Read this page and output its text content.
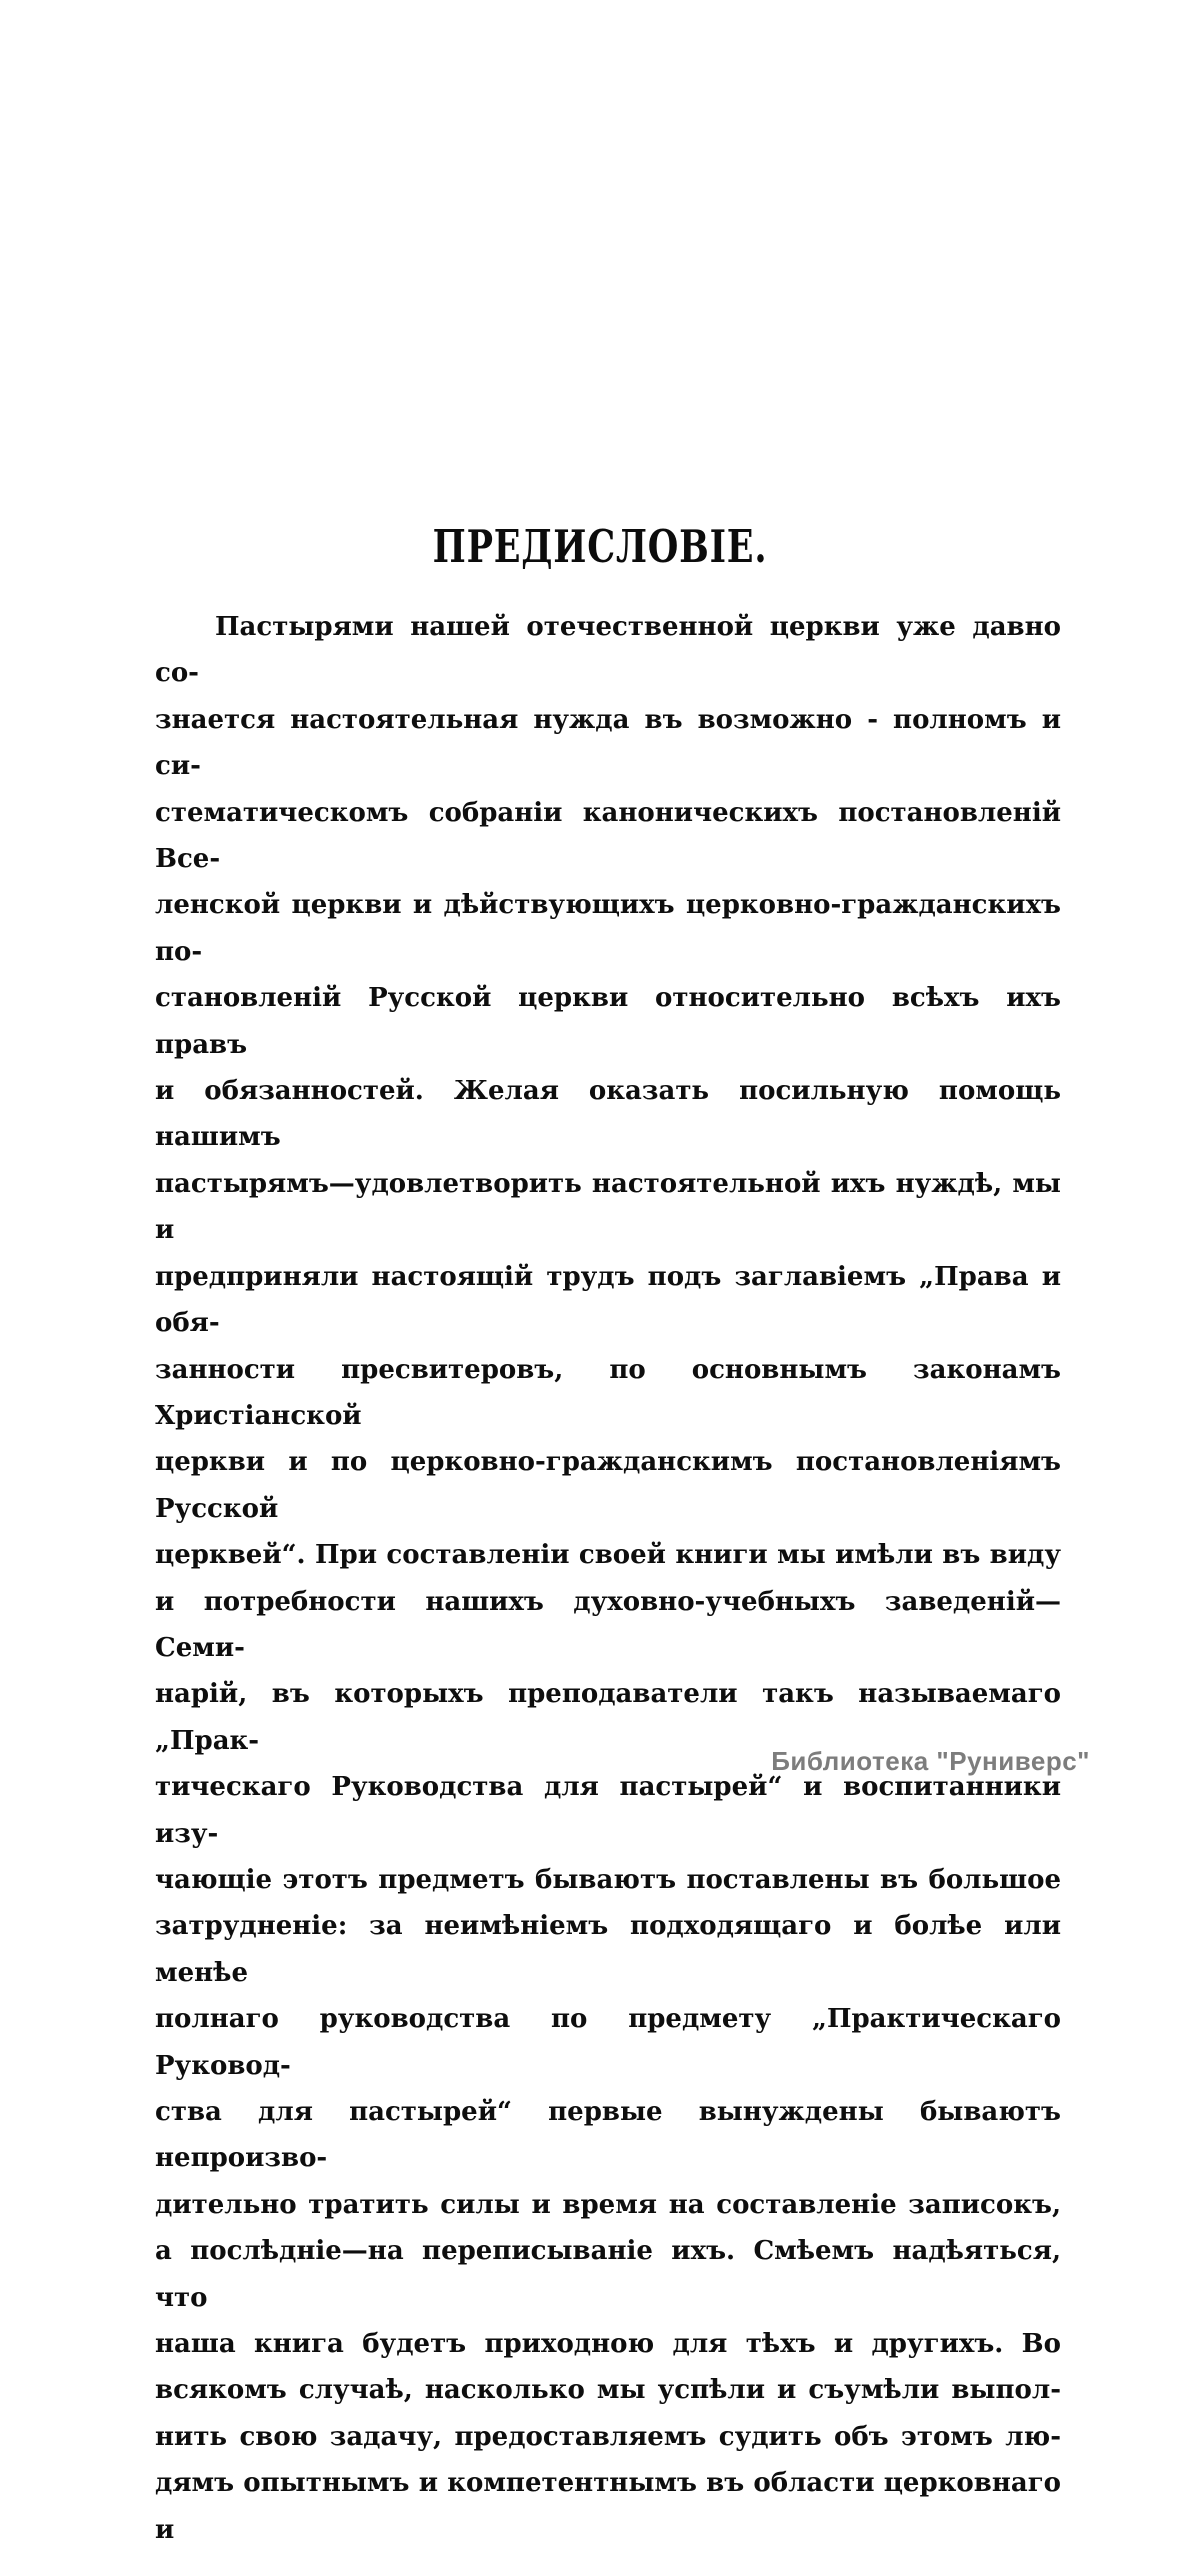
ПРЕДИСЛОВІЕ.
Пастырями нашей отечественной церкви уже давно со-
знается настоятельная нужда въ возможно - полномъ и си-
стематическомъ собраніи каноническихъ постановленій Все-
ленской церкви и дѣйствующихъ церковно-гражданскихъ по-
становленій Русской церкви относительно всѣхъ ихъ правъ
и обязанностей. Желая оказать посильную помощь нашимъ
пастырямъ—удовлетворить настоятельной ихъ нуждѣ, мы и
предприняли настоящій трудъ подъ заглавіемъ „Права и обя-
занности пресвитеровъ, по основнымъ законамъ Христіанской
церкви и по церковно-гражданскимъ постановленіямъ Русской
церквей“. При составленіи своей книги мы имѣли въ виду
и потребности нашихъ духовно-учебныхъ заведеній—Семи-
нарій, въ которыхъ преподаватели такъ называемаго „Прак-
тическаго Руководства для пастырей“ и воспитанники изу-
чающіе этотъ предметъ бываютъ поставлены въ большое
затрудненіе: за неимѣніемъ подходящаго и болѣе или менѣе
полнаго руководства по предмету „Практическаго Руковод-
ства для пастырей“ первые вынуждены бываютъ непроизво-
дительно тратить силы и время на составленіе записокъ,
а послѣдніе—на переписываніе ихъ. Смѣемъ надѣяться, что
наша книга будетъ приходною для тѣхъ и другихъ. Во
всякомъ случаѣ, насколько мы успѣли и съумѣли выпол-
нить свою задачу, предоставляемъ судить объ этомъ лю-
дямъ опытнымъ и компетентнымъ въ области церковнаго и
Библиотека "Руниверс"
